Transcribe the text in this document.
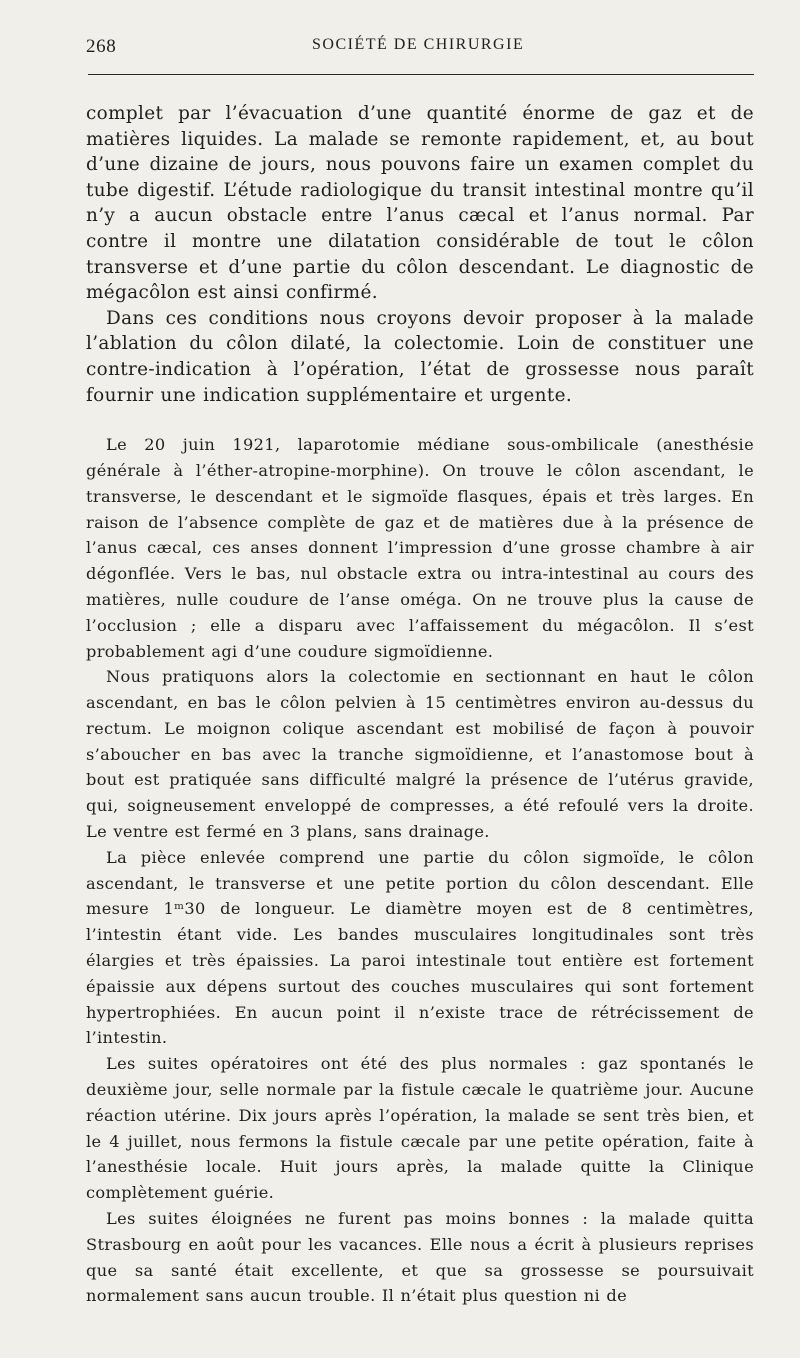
268	SOCIÉTÉ DE CHIRURGIE

complet par l’évacuation d’une quantité énorme de gaz et de matières liquides. La malade se remonte rapidement, et, au bout d’une dizaine de jours, nous pouvons faire un examen complet du tube digestif. L’étude radiologique du transit intestinal montre qu’il n’y a aucun obstacle entre l’anus cæcal et l’anus normal. Par contre il montre une dilatation considérable de tout le côlon transverse et d’une partie du côlon descendant. Le diagnostic de mégacôlon est ainsi confirmé.

Dans ces conditions nous croyons devoir proposer à la malade l’ablation du côlon dilaté, la colectomie. Loin de constituer une contre-indication à l’opération, l’état de grossesse nous paraît fournir une indication supplémentaire et urgente.

Le 20 juin 1921, laparotomie médiane sous-ombilicale (anesthésie générale à l’éther-atropine-morphine). On trouve le côlon ascendant, le transverse, le descendant et le sigmoïde flasques, épais et très larges. En raison de l’absence complète de gaz et de matières due à la présence de l’anus cæcal, ces anses donnent l’impression d’une grosse chambre à air dégonflée. Vers le bas, nul obstacle extra ou intra-intestinal au cours des matières, nulle coudure de l’anse oméga. On ne trouve plus la cause de l’occlusion ; elle a disparu avec l’affaissement du mégacôlon. Il s’est probablement agi d’une coudure sigmoïdienne.

Nous pratiquons alors la colectomie en sectionnant en haut le côlon ascendant, en bas le côlon pelvien à 15 centimètres environ au-dessus du rectum. Le moignon colique ascendant est mobilisé de façon à pouvoir s’aboucher en bas avec la tranche sigmoïdienne, et l’anastomose bout à bout est pratiquée sans difficulté malgré la présence de l’utérus gravide, qui, soigneusement enveloppé de compresses, a été refoulé vers la droite. Le ventre est fermé en 3 plans, sans drainage.

La pièce enlevée comprend une partie du côlon sigmoïde, le côlon ascendant, le transverse et une petite portion du côlon descendant. Elle mesure 1ᵐ30 de longueur. Le diamètre moyen est de 8 centimètres, l’intestin étant vide. Les bandes musculaires longitudinales sont très élargies et très épaissies. La paroi intestinale tout entière est fortement épaissie aux dépens surtout des couches musculaires qui sont fortement hypertrophiées. En aucun point il n’existe trace de rétrécissement de l’intestin.

Les suites opératoires ont été des plus normales : gaz spontanés le deuxième jour, selle normale par la fistule cæcale le quatrième jour. Aucune réaction utérine. Dix jours après l’opération, la malade se sent très bien, et le 4 juillet, nous fermons la fistule cæcale par une petite opération, faite à l’anesthésie locale. Huit jours après, la malade quitte la Clinique complètement guérie.

Les suites éloignées ne furent pas moins bonnes : la malade quitta Strasbourg en août pour les vacances. Elle nous a écrit à plusieurs reprises que sa santé était excellente, et que sa grossesse se poursuivait normalement sans aucun trouble. Il n’était plus question ni de
